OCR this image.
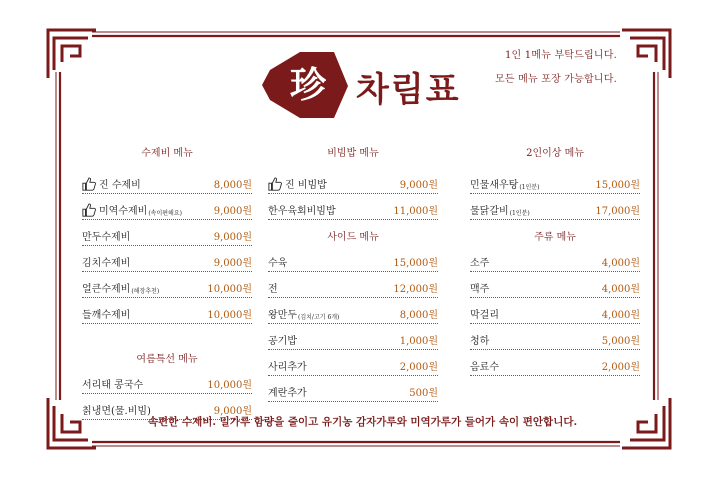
珍 차림표
1인 1메뉴 부탁드립니다.
모든 메뉴 포장 가능합니다.
수제비 메뉴
진 수제비	8,000원
미역수제비 (속이편해요)	9,000원
만두수제비	9,000원
김치수제비	9,000원
얼큰수제비 (해장추천)	10,000원
들깨수제비	10,000원
여름특선 메뉴
서리태 콩국수	10,000원
칡냉면(물.비빔)	9,000원
비빔밥 메뉴
진 비빔밥	9,000원
한우육회비빔밥	11,000원
사이드 메뉴
수육	15,000원
전	12,000원
왕만두 (김치/고기 6개)	8,000원
공기밥	1,000원
사리추가	2,000원
계란추가	500원
2인이상 메뉴
민물새우탕 (1인분)	15,000원
물닭갈비 (1인분)	17,000원
주류 메뉴
소주	4,000원
맥주	4,000원
막걸리	4,000원
청하	5,000원
음료수	2,000원
속편한 수제비. 밀가루 함량을 줄이고 유기농 감자가루와 미역가루가 들어가 속이 편안합니다.
